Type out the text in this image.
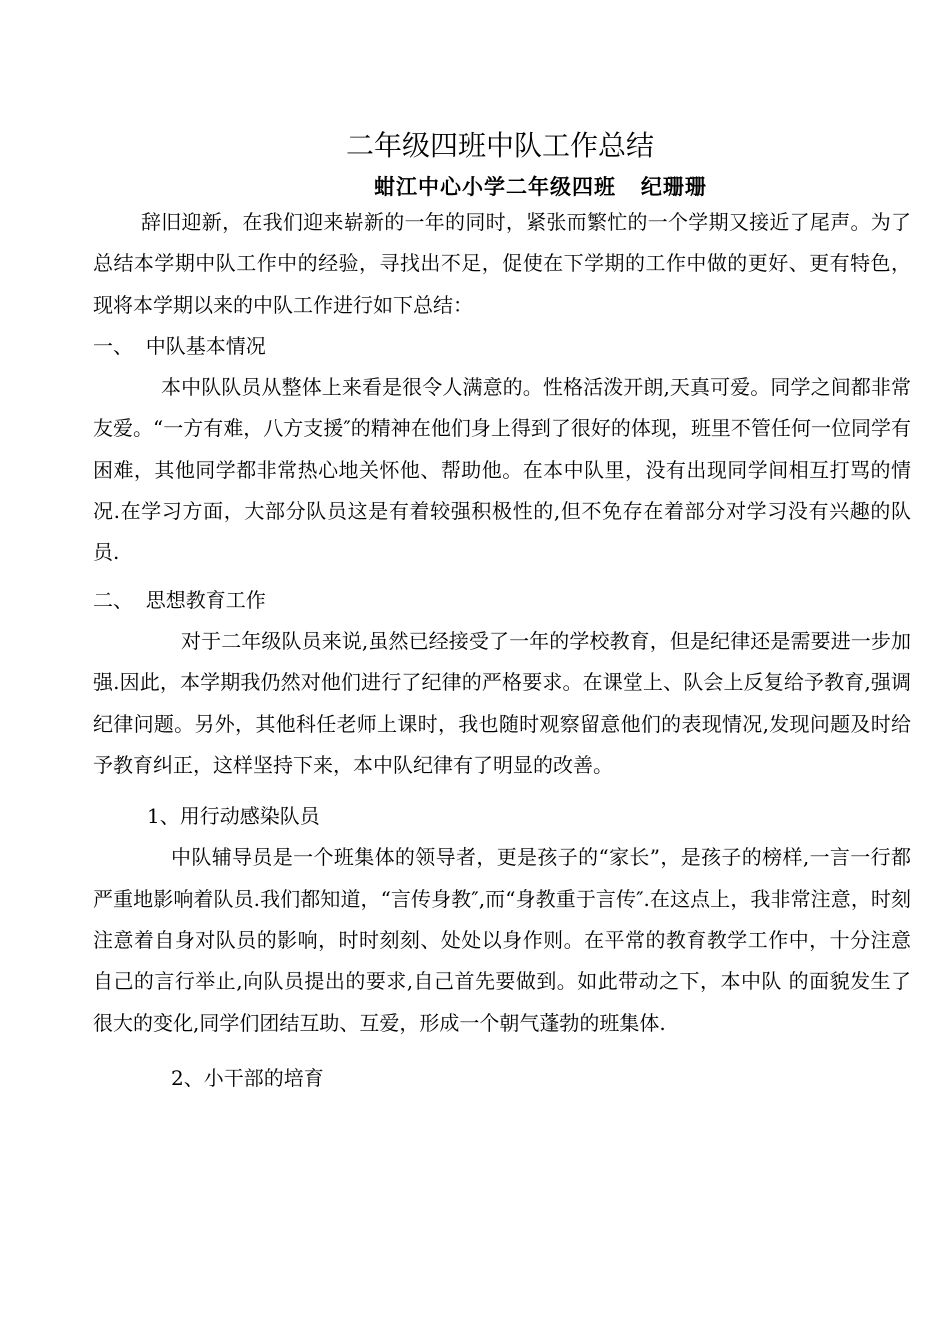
二年级四班中队工作总结
蚶江中心小学二年级四班   纪珊珊

辞旧迎新，在我们迎来崭新的一年的同时，紧张而繁忙的一个学期又接近了尾声。为了总结本学期中队工作中的经验，寻找出不足，促使在下学期的工作中做的更好、更有特色，现将本学期以来的中队工作进行如下总结：

一、  中队基本情况

本中队队员从整体上来看是很令人满意的。性格活泼开朗,天真可爱。同学之间都非常友爱。“一方有难，八方支援″的精神在他们身上得到了很好的体现，班里不管任何一位同学有困难，其他同学都非常热心地关怀他、帮助他。在本中队里，没有出现同学间相互打骂的情况.在学习方面，大部分队员这是有着较强积极性的,但不免存在着部分对学习没有兴趣的队员.

二、  思想教育工作

对于二年级队员来说,虽然已经接受了一年的学校教育，但是纪律还是需要进一步加强.因此，本学期我仍然对他们进行了纪律的严格要求。在课堂上、队会上反复给予教育,强调纪律问题。另外，其他科任老师上课时，我也随时观察留意他们的表现情况,发现问题及时给予教育纠正，这样坚持下来，本中队纪律有了明显的改善。

1、用行动感染队员

中队辅导员是一个班集体的领导者，更是孩子的“家长”，是孩子的榜样,一言一行都严重地影响着队员.我们都知道，“言传身教″,而“身教重于言传″.在这点上，我非常注意，时刻注意着自身对队员的影响，时时刻刻、处处以身作则。在平常的教育教学工作中，十分注意自己的言行举止,向队员提出的要求,自己首先要做到。如此带动之下，本中队 的面貌发生了很大的变化,同学们团结互助、互爱，形成一个朝气蓬勃的班集体.

2、小干部的培育
